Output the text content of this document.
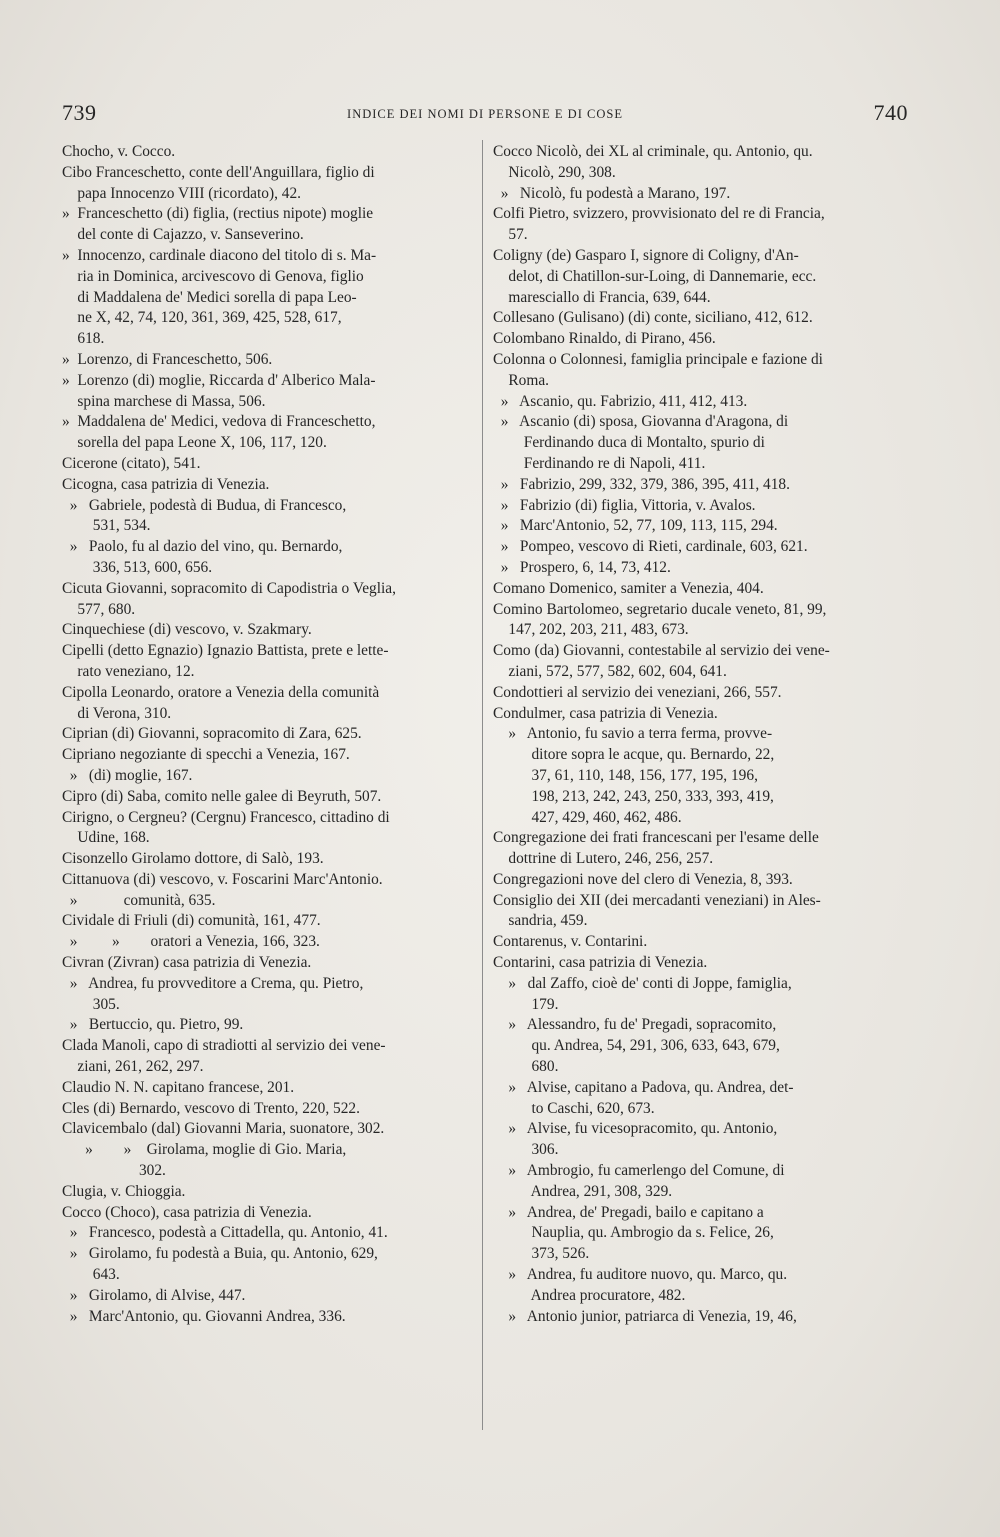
739	INDICE DEI NOMI DI PERSONE E DI COSE	740
Chocho, v. Cocco.
Cibo Franceschetto, conte dell'Anguillara, figlio di
papa Innocenzo VIII (ricordato), 42.
»  Franceschetto (di) figlia, (rectius nipote) moglie
del conte di Cajazzo, v. Sanseverino.
»  Innocenzo, cardinale diacono del titolo di s. Ma-
ria in Dominica, arcivescovo di Genova, figlio
di Maddalena de' Medici sorella di papa Leo-
ne X, 42, 74, 120, 361, 369, 425, 528, 617,
618.
»  Lorenzo, di Franceschetto, 506.
»  Lorenzo (di) moglie, Riccarda d' Alberico Mala-
spina marchese di Massa, 506.
»  Maddalena de' Medici, vedova di Franceschetto,
sorella del papa Leone X, 106, 117, 120.
Cicerone (citato), 541.
Cicogna, casa patrizia di Venezia.
»   Gabriele, podestà di Budua, di Francesco,
531, 534.
»   Paolo, fu al dazio del vino, qu. Bernardo,
336, 513, 600, 656.
Cicuta Giovanni, sopracomito di Capodistria o Veglia,
577, 680.
Cinquechiese (di) vescovo, v. Szakmary.
Cipelli (detto Egnazio) Ignazio Battista, prete e lette-
rato veneziano, 12.
Cipolla Leonardo, oratore a Venezia della comunità
di Verona, 310.
Ciprian (di) Giovanni, sopracomito di Zara, 625.
Cipriano negoziante di specchi a Venezia, 167.
»   (di) moglie, 167.
Cipro (di) Saba, comito nelle galee di Beyruth, 507.
Cirigno, o Cergneu? (Cergnu) Francesco, cittadino di
Udine, 168.
Cisonzello Girolamo dottore, di Salò, 193.
Cittanuova (di) vescovo, v. Foscarini Marc'Antonio.
»            comunità, 635.
Cividale di Friuli (di) comunità, 161, 477.
»         »        oratori a Venezia, 166, 323.
Civran (Zivran) casa patrizia di Venezia.
»   Andrea, fu provveditore a Crema, qu. Pietro,
305.
»   Bertuccio, qu. Pietro, 99.
Clada Manoli, capo di stradiotti al servizio dei vene-
ziani, 261, 262, 297.
Claudio N. N. capitano francese, 201.
Cles (di) Bernardo, vescovo di Trento, 220, 522.
Clavicembalo (dal) Giovanni Maria, suonatore, 302.
»        »    Girolama, moglie di Gio. Maria,
302.
Clugia, v. Chioggia.
Cocco (Choco), casa patrizia di Venezia.
»   Francesco, podestà a Cittadella, qu. Antonio, 41.
»   Girolamo, fu podestà a Buia, qu. Antonio, 629,
643.
»   Girolamo, di Alvise, 447.
»   Marc'Antonio, qu. Giovanni Andrea, 336.
Cocco Nicolò, dei XL al criminale, qu. Antonio, qu.
Nicolò, 290, 308.
»   Nicolò, fu podestà a Marano, 197.
Colfi Pietro, svizzero, provvisionato del re di Francia,
57.
Coligny (de) Gasparo I, signore di Coligny, d'An-
delot, di Chatillon-sur-Loing, di Dannemarie, ecc.
maresciallo di Francia, 639, 644.
Collesano (Gulisano) (di) conte, siciliano, 412, 612.
Colombano Rinaldo, di Pirano, 456.
Colonna o Colonnesi, famiglia principale e fazione di
Roma.
»   Ascanio, qu. Fabrizio, 411, 412, 413.
»   Ascanio (di) sposa, Giovanna d'Aragona, di
Ferdinando duca di Montalto, spurio di
Ferdinando re di Napoli, 411.
»   Fabrizio, 299, 332, 379, 386, 395, 411, 418.
»   Fabrizio (di) figlia, Vittoria, v. Avalos.
»   Marc'Antonio, 52, 77, 109, 113, 115, 294.
»   Pompeo, vescovo di Rieti, cardinale, 603, 621.
»   Prospero, 6, 14, 73, 412.
Comano Domenico, samiter a Venezia, 404.
Comino Bartolomeo, segretario ducale veneto, 81, 99,
147, 202, 203, 211, 483, 673.
Como (da) Giovanni, contestabile al servizio dei vene-
ziani, 572, 577, 582, 602, 604, 641.
Condottieri al servizio dei veneziani, 266, 557.
Condulmer, casa patrizia di Venezia.
»   Antonio, fu savio a terra ferma, provve-
ditore sopra le acque, qu. Bernardo, 22,
37, 61, 110, 148, 156, 177, 195, 196,
198, 213, 242, 243, 250, 333, 393, 419,
427, 429, 460, 462, 486.
Congregazione dei frati francescani per l'esame delle
dottrine di Lutero, 246, 256, 257.
Congregazioni nove del clero di Venezia, 8, 393.
Consiglio dei XII (dei mercadanti veneziani) in Ales-
sandria, 459.
Contarenus, v. Contarini.
Contarini, casa patrizia di Venezia.
»   dal Zaffo, cioè de' conti di Joppe, famiglia,
179.
»   Alessandro, fu de' Pregadi, sopracomito,
qu. Andrea, 54, 291, 306, 633, 643, 679,
680.
»   Alvise, capitano a Padova, qu. Andrea, det-
to Caschi, 620, 673.
»   Alvise, fu vicesopracomito, qu. Antonio,
306.
»   Ambrogio, fu camerlengo del Comune, di
Andrea, 291, 308, 329.
»   Andrea, de' Pregadi, bailo e capitano a
Nauplia, qu. Ambrogio da s. Felice, 26,
373, 526.
»   Andrea, fu auditore nuovo, qu. Marco, qu.
Andrea procuratore, 482.
»   Antonio junior, patriarca di Venezia, 19, 46,
